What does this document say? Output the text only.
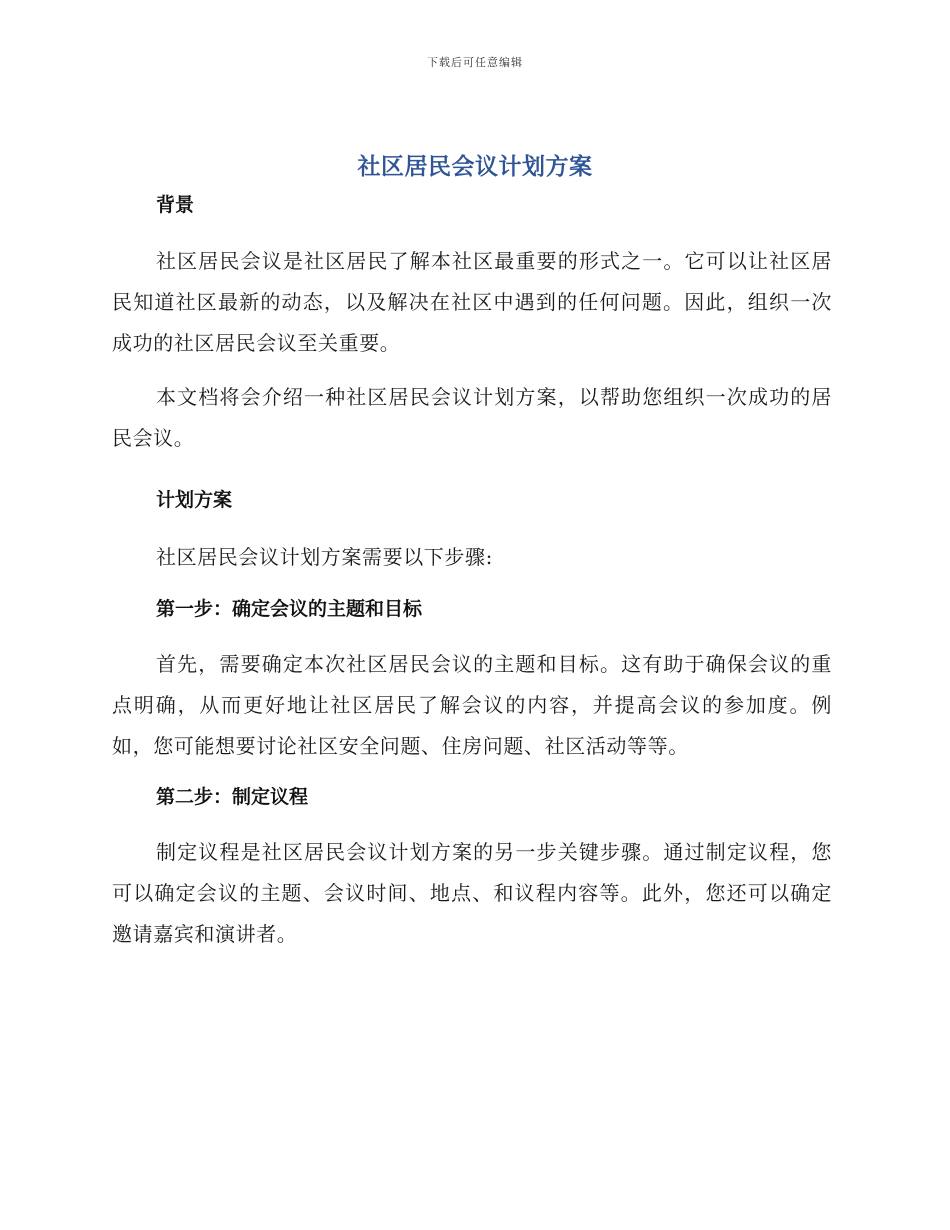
下载后可任意编辑
社区居民会议计划方案
背景

社区居民会议是社区居民了解本社区最重要的形式之一。它可以让社区居民知道社区最新的动态，以及解决在社区中遇到的任何问题。因此，组织一次成功的社区居民会议至关重要。

本文档将会介绍一种社区居民会议计划方案，以帮助您组织一次成功的居民会议。

计划方案

社区居民会议计划方案需要以下步骤:

第一步：确定会议的主题和目标

首先，需要确定本次社区居民会议的主题和目标。这有助于确保会议的重点明确，从而更好地让社区居民了解会议的内容，并提高会议的参加度。例如，您可能想要讨论社区安全问题、住房问题、社区活动等等。

第二步：制定议程

制定议程是社区居民会议计划方案的另一步关键步骤。通过制定议程，您可以确定会议的主题、会议时间、地点、和议程内容等。此外，您还可以确定邀请嘉宾和演讲者。
